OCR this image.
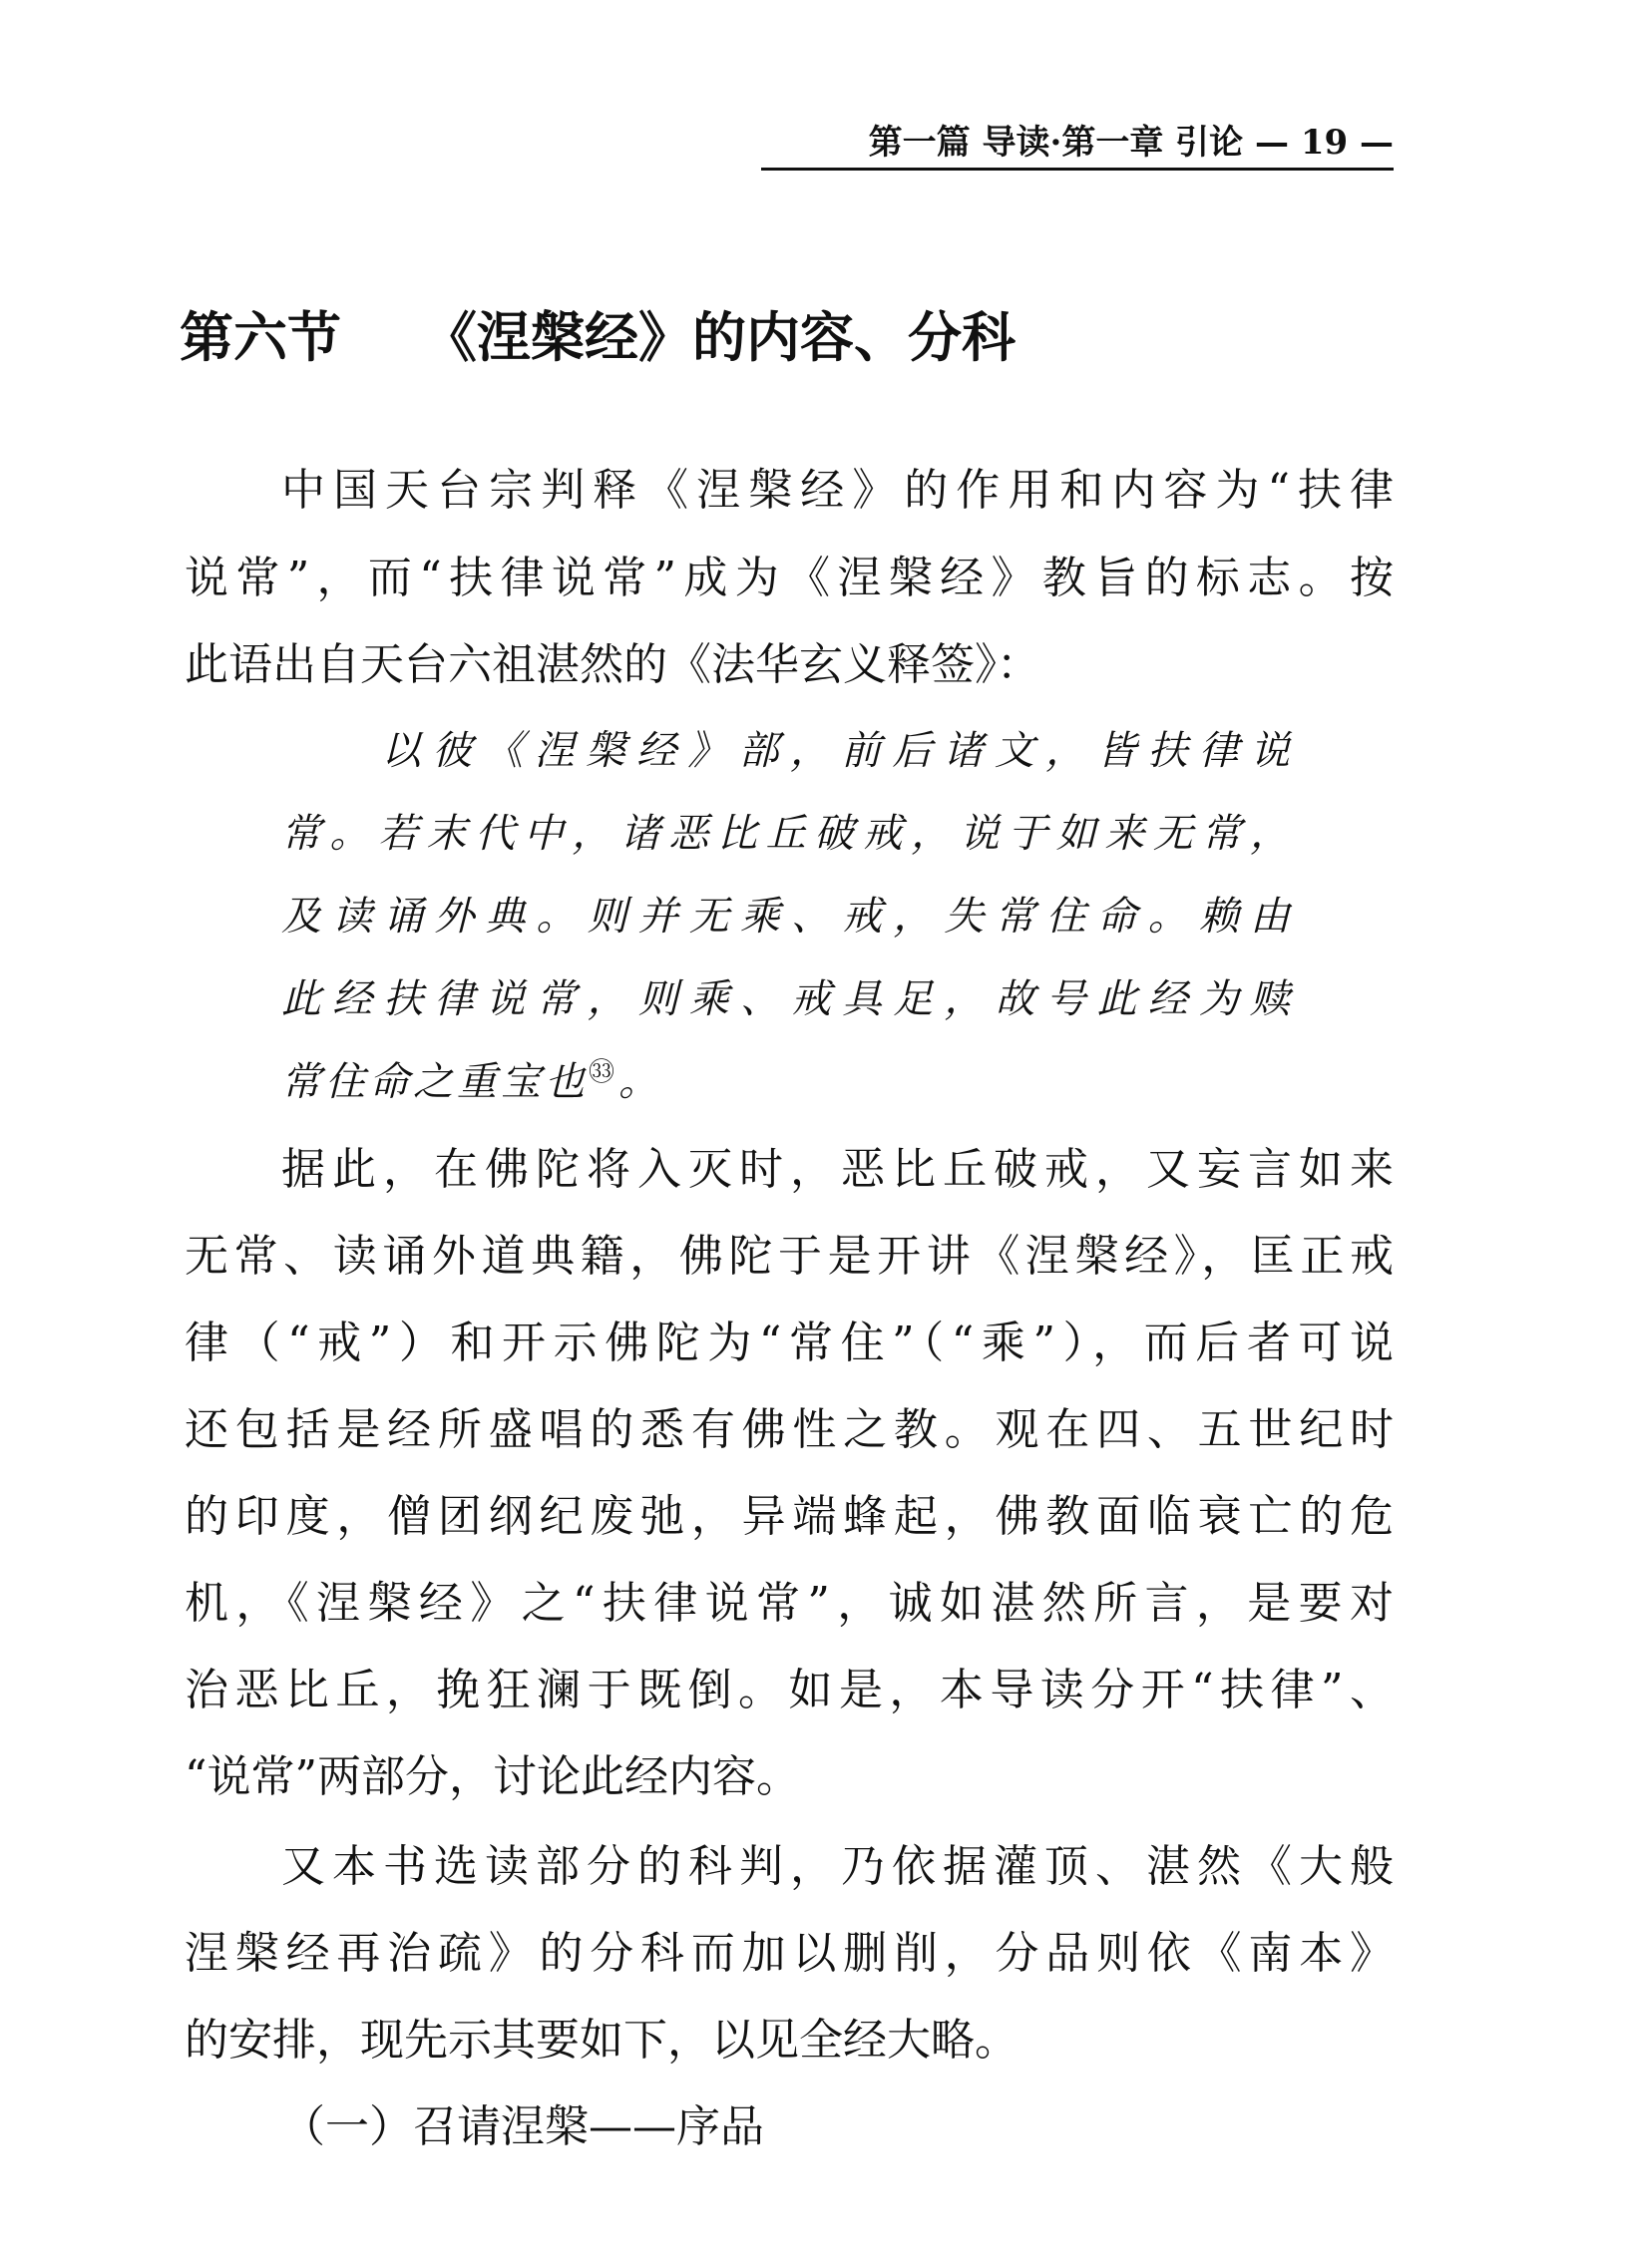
第一篇 导读·第一章 引论 — 19 —
第六节 《涅槃经》的内容、分科
中国天台宗判释《涅槃经》的作用和内容为“扶律
说常”，而“扶律说常”成为《涅槃经》教旨的标志。按
此语出自天台六祖湛然的《法华玄义释签》：
以彼《涅槃经》部，前后诸文，皆扶律说
常。若末代中，诸恶比丘破戒，说于如来无常，
及读诵外典。则并无乘、戒，失常住命。赖由
此经扶律说常，则乘、戒具足，故号此经为赎
常住命之重宝也$^㉝$。
据此，在佛陀将入灭时，恶比丘破戒，又妄言如来
无常、读诵外道典籍，佛陀于是开讲《涅槃经》，匡正戒
律（“戒”）和开示佛陀为“常住”（“乘”），而后者可说
还包括是经所盛唱的悉有佛性之教。观在四、五世纪时
的印度，僧团纲纪废弛，异端蜂起，佛教面临衰亡的危
机，《涅槃经》之“扶律说常”，诚如湛然所言，是要对
治恶比丘，挽狂澜于既倒。如是，本导读分开“扶律”、
“说常”两部分，讨论此经内容。
又本书选读部分的科判，乃依据灌顶、湛然《大般
涅槃经再治疏》的分科而加以删削，分品则依《南本》
的安排，现先示其要如下，以见全经大略。
（一）召请涅槃——序品
